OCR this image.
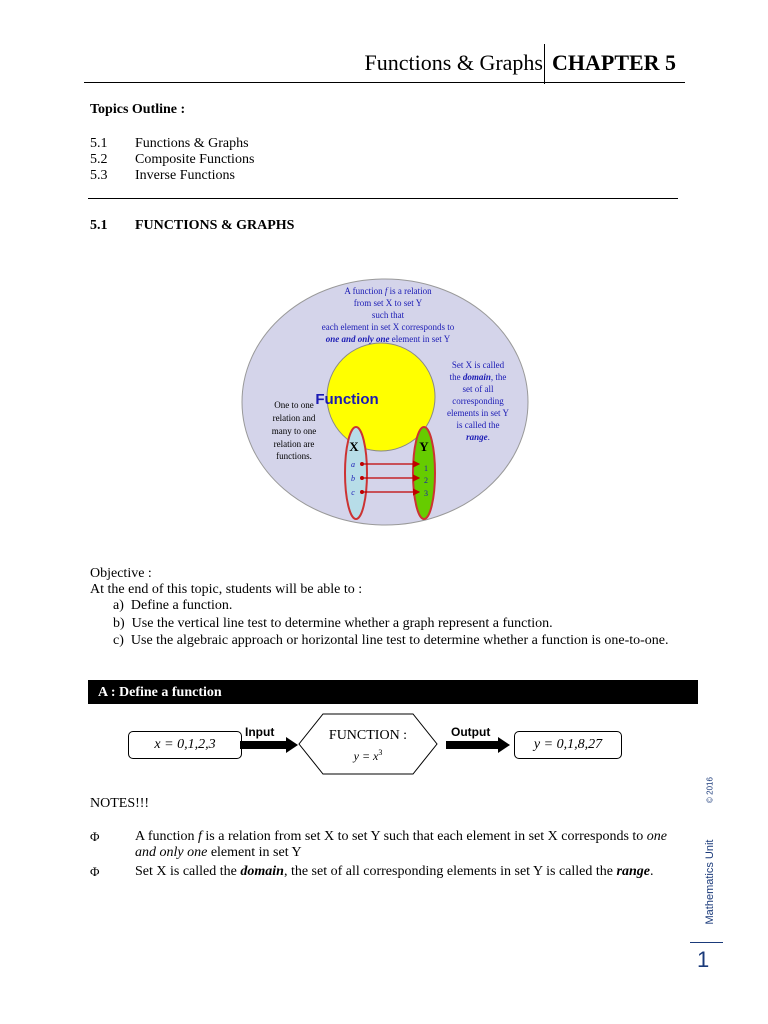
Functions & Graphs CHAPTER 5
Topics Outline :
5.1 Functions & Graphs
5.2 Composite Functions
5.3 Inverse Functions
5.1 FUNCTIONS & GRAPHS
A function f is a relation
from set X to set Y
such that
each element in set X corresponds to
one and only one element in set Y
Function
One to one
relation and
many to one
relation are
functions.
Set X is called
the domain, the
set of all
corresponding
elements in set Y
is called the
range.
X	Y
a
b
c
1
2
3
Objective :
At the end of this topic, students will be able to :
a) Define a function.
b) Use the vertical line test to determine whether a graph represent a function.
c) Use the algebraic approach or horizontal line test to determine whether a function is one-to-one.
A : Define a function
x = 0,1,2,3
Input	FUNCTION :
$y = x^3$
Output
y = 0,1,8,27
NOTES!!!
Φ	A function f is a relation from set X to set Y such that each element in set X corresponds to one
and only one element in set Y
Φ	Set X is called the domain, the set of all corresponding elements in set Y is called the range.
© 2016
Mathematics Unit
1
